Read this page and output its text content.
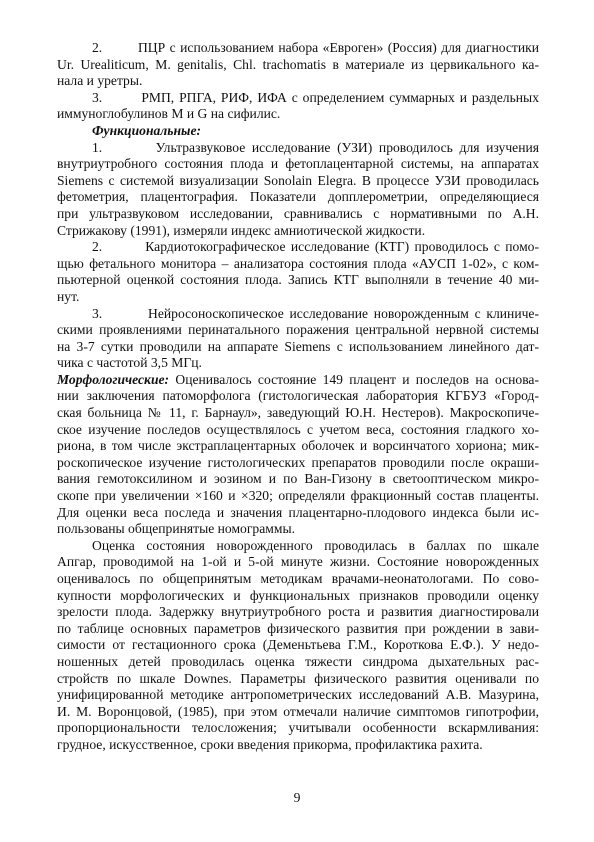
2.        ПЦР с использованием набора «Евроген» (Россия) для диагностики
Ur. Urealiticum, M. genitalis, Chl. trachomatis в материале из цервикального ка-
нала и уретры.
3.        РМП, РПГА, РИФ, ИФА с определением суммарных и раздельных
иммуноглобулинов M и G на сифилис.
Функциональные:
1.        Ультразвуковое исследование (УЗИ) проводилось для изучения
внутриутробного состояния плода и фетоплацентарной системы, на аппаратах
Siemens с системой визуализации Sonolain Elegra. В процессе УЗИ проводилась
фетометрия, плацентография. Показатели допплерометрии, определяющиеся
при ультразвуковом исследовании, сравнивались с нормативными по А.Н.
Стрижакову (1991), измеряли индекс амниотической жидкости.
2.        Кардиотокографическое исследование (КТГ) проводилось с помо-
щью фетального монитора – анализатора состояния плода «АУСП 1-02», с ком-
пьютерной оценкой состояния плода. Запись КТГ выполняли в течение 40 ми-
нут.
3.        Нейросоноскопическое исследование новорожденным с клиниче-
скими проявлениями перинатального поражения центральной нервной системы
на 3-7 сутки проводили на аппарате Siemens с использованием линейного дат-
чика с частотой 3,5 МГц.
Морфологические: Оценивалось состояние 149 плацент и последов на основа-
нии заключения патоморфолога (гистологическая лаборатория КГБУЗ «Город-
ская больница № 11, г. Барнаул», заведующий Ю.Н. Нестеров). Макроскопиче-
ское изучение последов осуществлялось с учетом веса, состояния гладкого хо-
риона, в том числе экстраплацентарных оболочек и ворсинчатого хориона; мик-
роскопическое изучение гистологических препаратов проводили после окраши-
вания гемотоксилином и эозином и по Ван-Гизону в светооптическом микро-
скопе при увеличении ×160 и ×320; определяли фракционный состав плаценты.
Для оценки веса последа и значения плацентарно-плодового индекса были ис-
пользованы общепринятые номограммы.
Оценка состояния новорожденного проводилась в баллах по шкале
Апгар, проводимой на 1-ой и 5-ой минуте жизни. Состояние новорожденных
оценивалось по общепринятым методикам врачами-неонатологами. По сово-
купности морфологических и функциональных признаков проводили оценку
зрелости плода. Задержку внутриутробного роста и развития диагностировали
по таблице основных параметров физического развития при рождении в зави-
симости от гестационного срока (Деменьтьева Г.М., Короткова Е.Ф.). У недо-
ношенных детей проводилась оценка тяжести синдрома дыхательных рас-
стройств по шкале Downes. Параметры физического развития оценивали по
унифицированной методике антропометрических исследований А.В. Мазурина,
И. М. Воронцовой, (1985), при этом отмечали наличие симптомов гипотрофии,
пропорциональности телосложения; учитывали особенности вскармливания:
грудное, искусственное, сроки введения прикорма, профилактика рахита.
9
